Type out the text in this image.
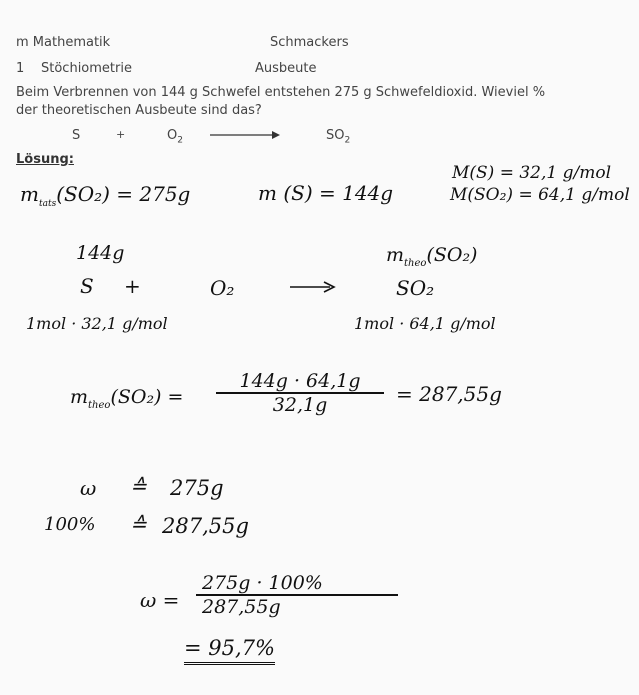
m Mathematik	Schmackers
1 Stöchiometrie	Ausbeute
Beim Verbrennen von 144 g Schwefel entstehen 275 g Schwefeldioxid. Wieviel %
der theoretischen Ausbeute sind das?
S	+	$O_2$	$SO_2$
Lösung:
$m_{tats}(SO_2) = 275g$	m (S) = 144g
M(S) = 32,1 g/mol
M(SO₂) = 64,1 g/mol
144g	$m_{theo}(SO_2)$
S +	O₂	SO₂
1mol · 32,1 g/mol	1mol · 64,1 g/mol
$m_{theo}(SO_2)$ =
144g · 64,1g
32,1g	= 287,55g
ω ≙ 275g
100% ≙ 287,55g
ω =
275g · 100%
287,55g
= 95,7%
